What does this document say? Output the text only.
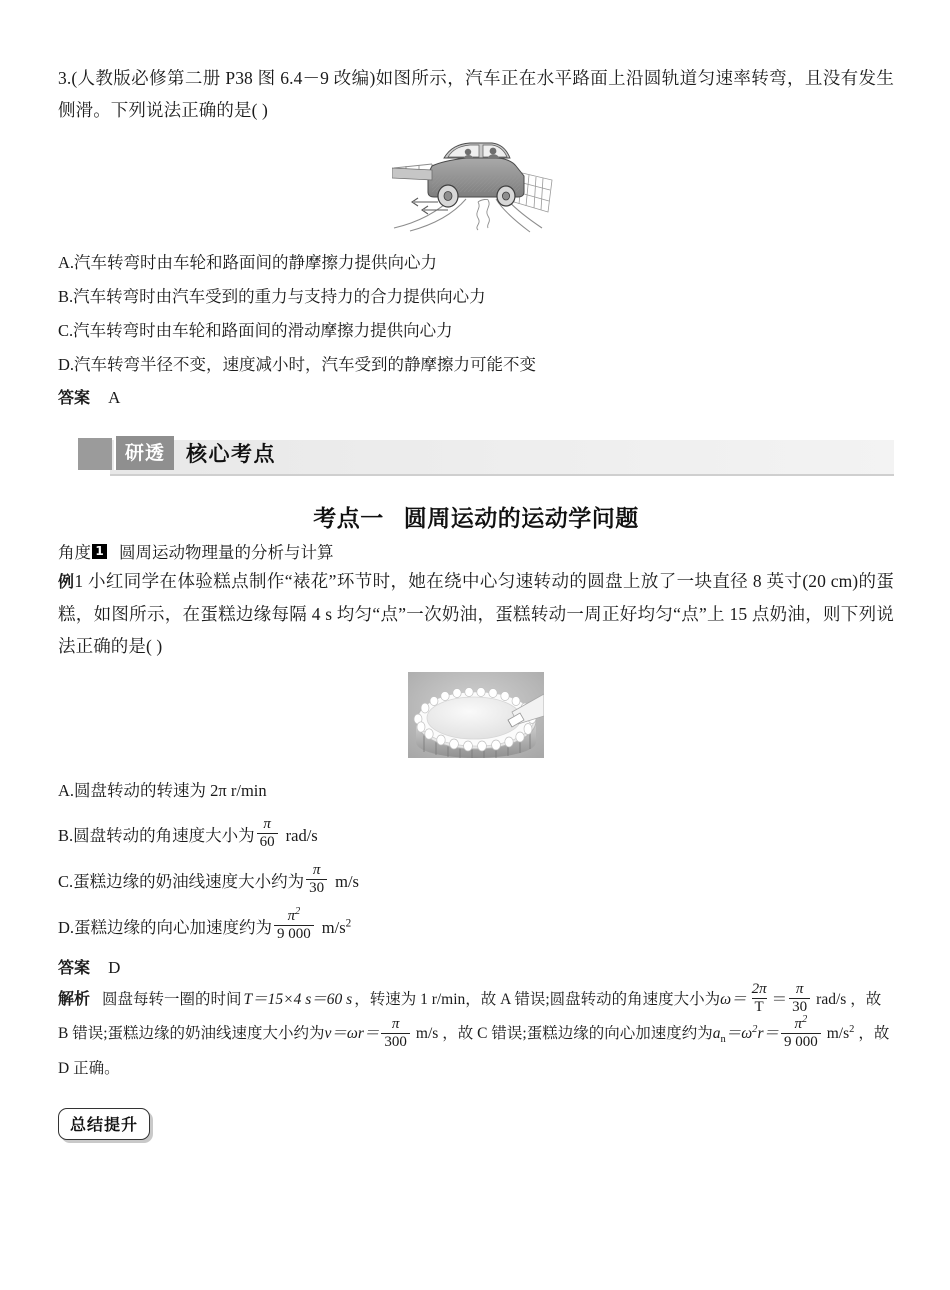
3.(人教版必修第二册 P38 图 6.4－9 改编)如图所示，汽车正在水平路面上沿圆轨道匀速率转弯，且没有发生侧滑。下列说法正确的是( )
A.汽车转弯时由车轮和路面间的静摩擦力提供向心力
B.汽车转弯时由汽车受到的重力与支持力的合力提供向心力
C.汽车转弯时由车轮和路面间的滑动摩擦力提供向心力
D.汽车转弯半径不变，速度减小时，汽车受到的静摩擦力可能不变
答案 A
研透 核心考点
考点一 圆周运动的运动学问题
角度 1 圆周运动物理量的分析与计算
例1 小红同学在体验糕点制作“裱花”环节时，她在绕中心匀速转动的圆盘上放了一块直径 8 英寸(20 cm)的蛋糕，如图所示，在蛋糕边缘每隔 4 s 均匀“点”一次奶油，蛋糕转动一周正好均匀“点”上 15 点奶油，则下列说法正确的是( )
A. 圆盘转动的转速为 2π r/min
B. 圆盘转动的角速度大小为 $\frac{\pi}{60} rad/s$
C. 蛋糕边缘的奶油线速度大小约为 $\frac{\pi}{30} m/s$
D. 蛋糕边缘的向心加速度约为 $\frac{\pi^2}{9 000} m/s^2$
答案 D
解析 圆盘每转一圈的时间 T＝15×4 s＝60 s ，转速为 1 r/min，故 A 错误;圆盘转动的角速度大小为$\omega= \frac{2\pi}{T} = \frac{\pi}{30} rad/s$ ，故 B 错误;蛋糕边缘的奶油线速度大小约为$v=\omega r= \frac{\pi}{300} m/s$ ，故 C 错误;蛋糕边缘的向心加速度约为$a_n=\omega^2r= \frac{\pi^2}{9 000} m/s^2$ ，故 D 正确。
总结提升
